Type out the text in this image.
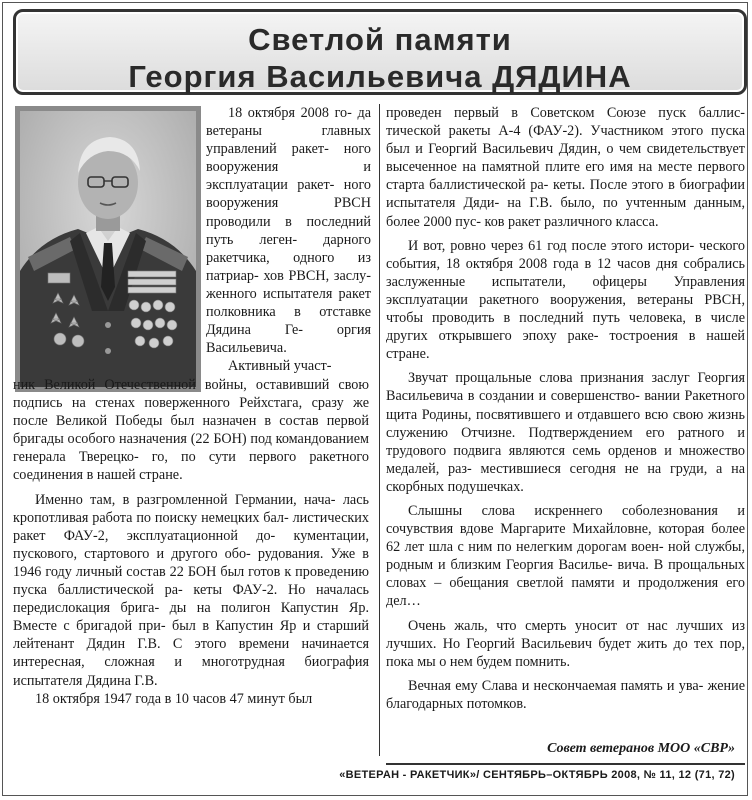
Светлой памяти
Георгия Васильевича ДЯДИНА

18 октября 2008 го- да ветераны главных управлений ракет- ного вооружения и эксплуатации ракет- ного вооружения РВСН проводили в последний путь леген- дарного ракетчика, одного из патриар- хов РВСН, заслу- женного испытателя ракет полковника в отставке Дядина Ге- оргия Васильевича.

Активный участ-

ник Великой Отечественной войны, оставивший свою подпись на стенах поверженного Рейхстага, сразу же после Великой Победы был назначен в состав первой бригады особого назначения (22 БОН) под командованием генерала Тверецко- го, по сути первого ракетного соединения в нашей стране.

Именно там, в разгромленной Германии, нача- лась кропотливая работа по поиску немецких бал- листических ракет ФАУ-2, эксплуатационной до- кументации, пускового, стартового и другого обо- рудования. Уже в 1946 году личный состав 22 БОН был готов к проведению пуска баллистической ра- кеты ФАУ-2. Но началась передислокация брига- ды на полигон Капустин Яр. Вместе с бригадой при- был в Капустин Яр и старший лейтенант Дядин Г.В. С этого времени начинается интересная, сложная и многотрудная биография испытателя Дядина Г.В.

18 октября 1947 года в 10 часов 47 минут был

проведен первый в Советском Союзе пуск баллис- тической ракеты А-4 (ФАУ-2). Участником этого пуска был и Георгий Васильевич Дядин, о чем свидетельствует высеченное на памятной плите его имя на месте первого старта баллистической ра- кеты. После этого в биографии испытателя Дяди- на Г.В. было, по учтенным данным, более 2000 пус- ков ракет различного класса.

И вот, ровно через 61 год после этого истори- ческого события, 18 октября 2008 года в 12 часов дня собрались заслуженные испытатели, офицеры Управления эксплуатации ракетного вооружения, ветераны РВСН, чтобы проводить в последний путь человека, в числе других открывшего эпоху раке- тостроения в нашей стране.

Звучат прощальные слова признания заслуг Георгия Васильевича в создании и совершенство- вании Ракетного щита Родины, посвятившего и отдавшего всю свою жизнь служению Отчизне. Подтверждением его ратного и трудового подвига являются семь орденов и множество медалей, раз- местившиеся сегодня не на груди, а на скорбных подушечках.

Слышны слова искреннего соболезнования и сочувствия вдове Маргарите Михайловне, которая более 62 лет шла с ним по нелегким дорогам воен- ной службы, родным и близким Георгия Василье- вича. В прощальных словах – обещания светлой памяти и продолжения его дел…

Очень жаль, что смерть уносит от нас лучших из лучших. Но Георгий Васильевич будет жить до тех пор, пока мы о нем будем помнить.

Вечная ему Слава и нескончаемая память и ува- жение благодарных потомков.

Совет ветеранов МОО «СВР»

«ВЕТЕРАН - РАКЕТЧИК»/ СЕНТЯБРЬ–ОКТЯБРЬ 2008, № 11, 12 (71, 72)
